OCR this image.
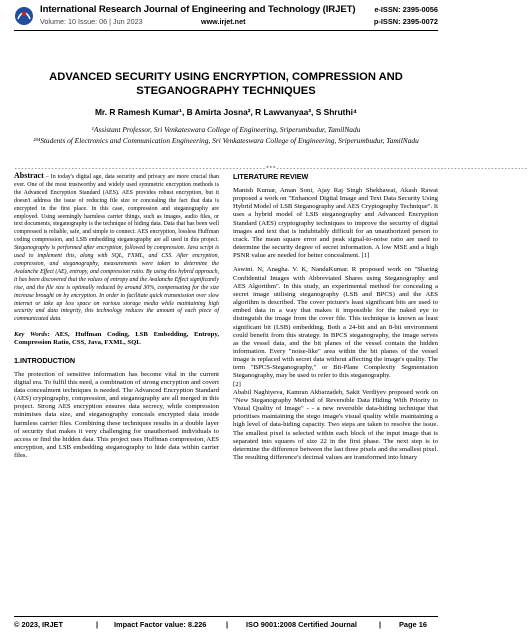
International Research Journal of Engineering and Technology (IRJET)
Volume: 10 Issue: 06 | Jun 2023	www.irjet.net
e-ISSN: 2395-0056
p-ISSN: 2395-0072
ADVANCED SECURITY USING ENCRYPTION, COMPRESSION AND STEGANOGRAPHY TECHNIQUES
Mr. R Ramesh Kumar¹, B Amirta Josna², R Lawvanyaa³, S Shruthi⁴
¹Assistant Professor, Sri Venkateswara College of Engineering, Sriperumbudur, TamilNadu
²³⁴Students of Electronics and Communication Engineering, Sri Venkateswara College of Engineering, Sriperumbudur, TamilNadu
---------------------------------------------------------------------------***---------------------------------------------------------------------------

Abstract – In today's digital age, data security and privacy are more crucial than ever. One of the most trustworthy and widely used symmetric encryption methods is the Advanced Encryption Standard (AES). AES provides robust encryption, but it doesn't address the issue of reducing file size or concealing the fact that data is encrypted in the first place. In this case, compression and steganography are employed. Using seemingly harmless carrier things, such as images, audio files, or text documents, steganography is the technique of hiding data. Data that has been well compressed is reliable, safe, and simple to connect. AES encryption, lossless Huffman coding compression, and LSB embedding steganography are all used in this project. Steganography is performed after encryption, followed by compression. Java script is used to implement this, along with SQL, FXML, and CSS. After encryption, compression, and steganography, measurements were taken to determine the Avalanche Effect (AE), entropy, and compression ratio. By using this hybrid approach, it has been discovered that the values of entropy and the Avalanche Effect significantly rise, and the file size is optimally reduced by around 30%, compensating for the size increase brought on by encryption. In order to facilitate quick transmission over slow internet or take up less space on various storage media while maintaining high security and data integrity, this technology reduces the amount of each piece of communicated data.

Key Words: AES, Huffman Coding, LSB Embedding, Entropy, Compression Ratio, CSS, Java, FXML, SQL

1.INTRODUCTION

The protection of sensitive information has become vital in the current digital era. To fulfil this need, a combination of strong encryption and covert data concealment techniques is needed. The Advanced Encryption Standard (AES) cryptography, compression, and steganography are all merged in this project. Strong AES encryption ensures data secrecy, while compression minimises data size, and steganography conceals encrypted data inside harmless carrier files. Combining these techniques results in a double layer of security that makes it very challenging for unauthorised individuals to access or find the hidden data. This project uses Huffman compression, AES encryption, and LSB embedding steganography to hide data within carrier files.

LITERATURE REVIEW

Manish Kumar, Aman Soni, Ajay Raj Singh Shekhawat, Akash Rawat proposed a work on "Enhanced Digital Image and Text Data Security Using Hybrid Model of LSB Steganography and AES Cryptography Technique". It uses a hybrid model of LSB steganography and Advanced Encryption Standard (AES) cryptography techniques to improve the security of digital images and text that is indubitably difficult for an unauthorized person to crack. The mean square error and peak signal-to-noise ratio are used to determine the security degree of secret information. A low MSE and a high PSNR value are needed for better concealment. [1]

Aswini. N, Anagha. V. K, NandaKumar. R proposed work on "Sharing Confidential Images with Abbreviated Shares using Steganography and AES Algorithm". In this study, an experimental method for concealing a secret image utilising steganography (LSB and BPCS) and the AES algorithm is described. The cover picture's least significant bits are used to embed data in a way that makes it impossible for the naked eye to distinguish the image from the cover file. This technique is known as least significant bit (LSB) embedding. Both a 24-bit and an 8-bit environment could benefit from this strategy. In BPCS steganography, the image serves as the vessel data, and the bit planes of the vessel contain the hidden information. Every "noise-like" area within the bit planes of the vessel image is replaced with secret data without affecting the image's quality. The term "BPCS-Steganography," or Bit-Plane Complexity Segmentation Steganography, may be used to refer to this steganography.

[2]

Ababil Naghiyeva, Kamran Akbarzadeh, Sakit Verdiyev proposed work on "New Steganography Method of Reversible Data Hiding With Priority to Visual Quality of Image" - - a new reversible data-hiding technique that prioritises maintaining the stego image's visual quality while maintaining a high level of data-hiding capacity. Two steps are taken to resolve the issue. The smallest pixel is selected within each block of the input image that is separated into squares of size 22 in the first phase. The next step is to determine the difference between the last three pixels and the smallest pixel. The resulting difference's decimal values are transformed into binary

© 2023, IRJET	| Impact Factor value: 8.226	| ISO 9001:2008 Certified Journal	| Page 16
